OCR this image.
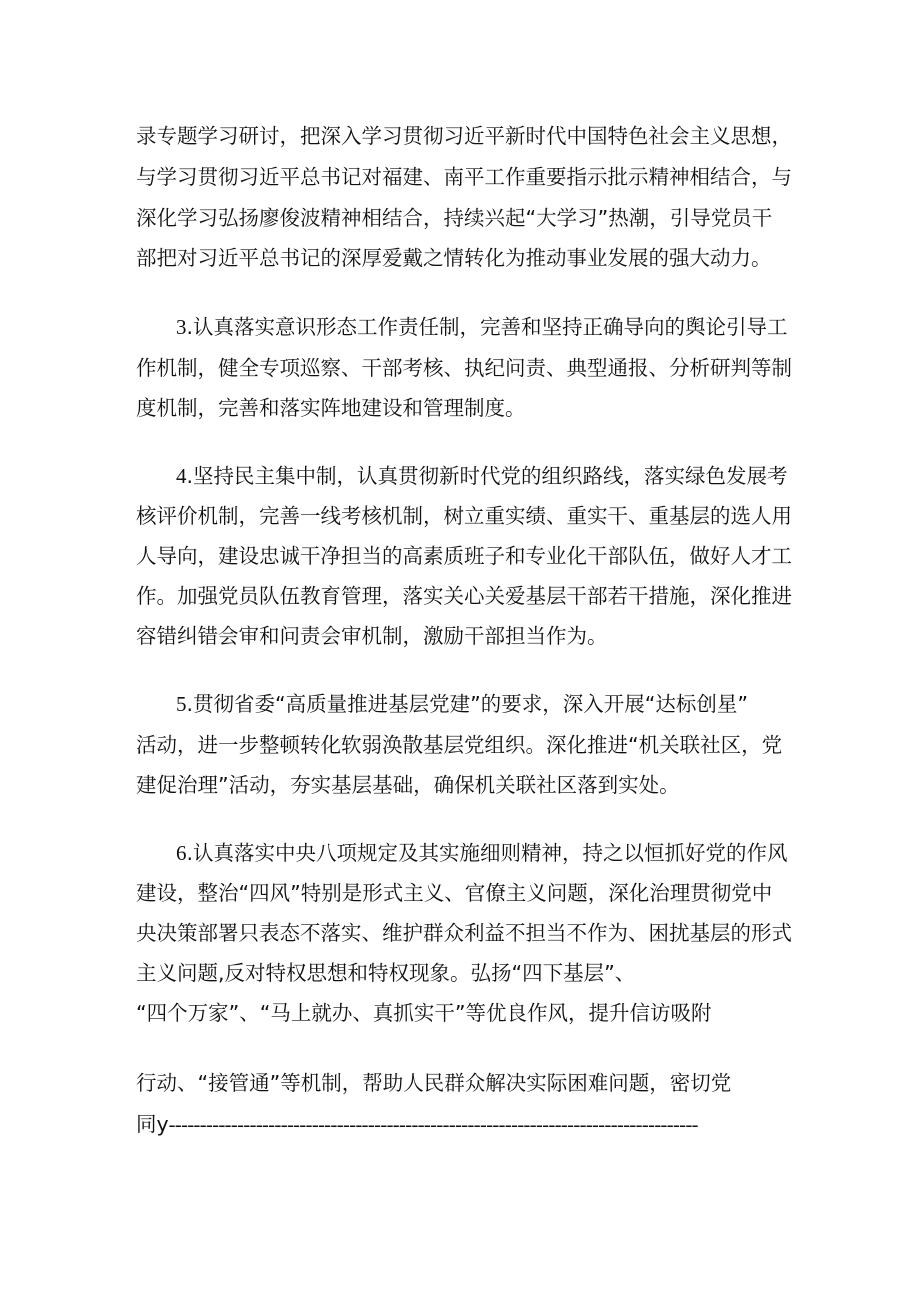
录专题学习研讨，把深入学习贯彻习近平新时代中国特色社会主义思想，
与学习贯彻习近平总书记对福建、南平工作重要指示批示精神相结合，与
深化学习弘扬廖俊波精神相结合，持续兴起“大学习”热潮，引导党员干
部把对习近平总书记的深厚爱戴之情转化为推动事业发展的强大动力。
3.认真落实意识形态工作责任制，完善和坚持正确导向的舆论引导工
作机制，健全专项巡察、干部考核、执纪问责、典型通报、分析研判等制
度机制，完善和落实阵地建设和管理制度。
4.坚持民主集中制，认真贯彻新时代党的组织路线，落实绿色发展考
核评价机制，完善一线考核机制，树立重实绩、重实干、重基层的选人用
人导向，建设忠诚干净担当的高素质班子和专业化干部队伍，做好人才工
作。加强党员队伍教育管理，落实关心关爱基层干部若干措施，深化推进
容错纠错会审和问责会审机制，激励干部担当作为。
5.贯彻省委“高质量推进基层党建”的要求，深入开展“达标创星”
活动，进一步整顿转化软弱涣散基层党组织。深化推进“机关联社区，党
建促治理”活动，夯实基层基础，确保机关联社区落到实处。
6.认真落实中央八项规定及其实施细则精神，持之以恒抓好党的作风
建设，整治“四风”特别是形式主义、官僚主义问题，深化治理贯彻党中
央决策部署只表态不落实、维护群众利益不担当不作为、困扰基层的形式
主义问题,反对特权思想和特权现象。弘扬“四下基层”、
“四个万家”、“马上就办、真抓实干”等优良作风，提升信访吸附
行动、“接管通”等机制，帮助人民群众解决实际困难问题，密切党
同y-------------------------------------------------------------------------------------
